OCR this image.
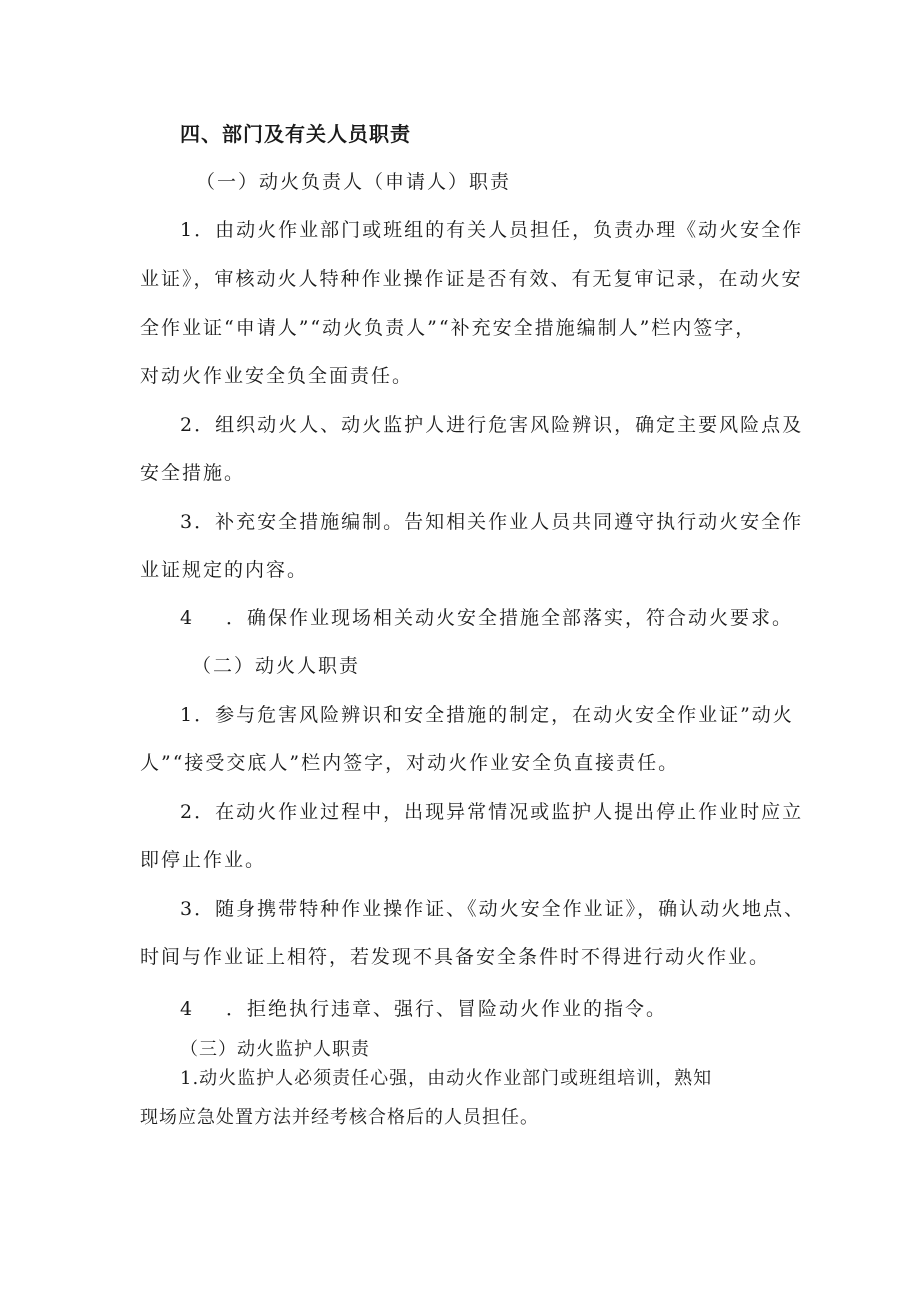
四、部门及有关人员职责
（一）动火负责人（申请人）职责
1．由动火作业部门或班组的有关人员担任，负责办理《动火安全作
业证》，审核动火人特种作业操作证是否有效、有无复审记录，在动火安
全作业证“申请人”“动火负责人”“补充安全措施编制人”栏内签字，
对动火作业安全负全面责任。
2．组织动火人、动火监护人进行危害风险辨识，确定主要风险点及
安全措施。
3．补充安全措施编制。告知相关作业人员共同遵守执行动火安全作
业证规定的内容。
4 ．确保作业现场相关动火安全措施全部落实，符合动火要求。
（二）动火人职责
1．参与危害风险辨识和安全措施的制定，在动火安全作业证”动火
人”“接受交底人”栏内签字，对动火作业安全负直接责任。
2．在动火作业过程中，出现异常情况或监护人提出停止作业时应立
即停止作业。
3．随身携带特种作业操作证、《动火安全作业证》，确认动火地点、
时间与作业证上相符，若发现不具备安全条件时不得进行动火作业。
4 ．拒绝执行违章、强行、冒险动火作业的指令。
（三）动火监护人职责
1.动火监护人必须责任心强，由动火作业部门或班组培训，熟知
现场应急处置方法并经考核合格后的人员担任。
